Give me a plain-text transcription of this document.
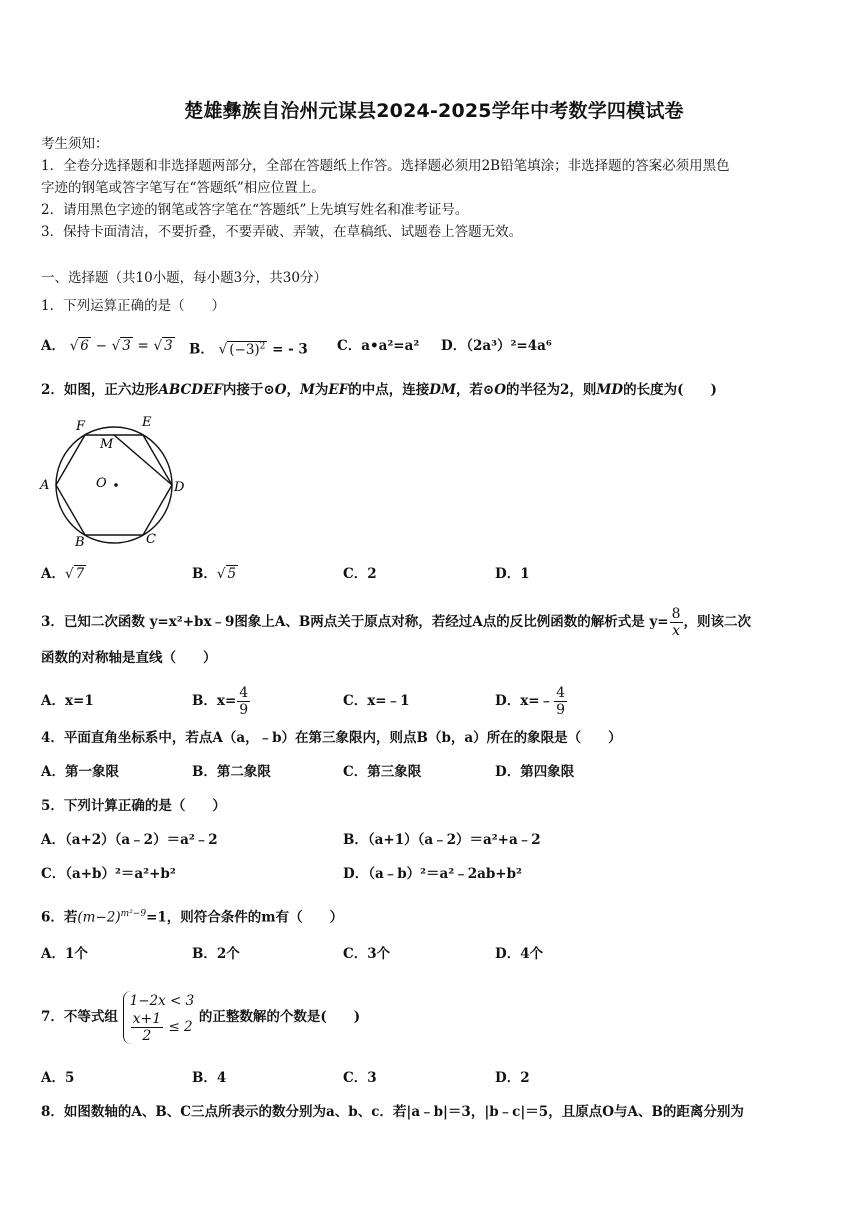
楚雄彝族自治州元谋县2024-2025学年中考数学四模试卷
考生须知：
1．全卷分选择题和非选择题两部分，全部在答题纸上作答。选择题必须用2B铅笔填涂；非选择题的答案必须用黑色
字迹的钢笔或答字笔写在“答题纸”相应位置上。
2．请用黑色字迹的钢笔或答字笔在“答题纸”上先填写姓名和准考证号。
3．保持卡面清洁，不要折叠，不要弄破、弄皱，在草稿纸、试题卷上答题无效。
一、选择题（共10小题，每小题3分，共30分）
1．下列运算正确的是（　　）
A． √ 6 − √ 3 = √ 3 B． √ $(-3)^2$ = - 3 C．a•a²=a² D．（2a³）²=4a⁶
2．如图，正六边形ABCDEF内接于⊙O，M为EF的中点，连接DM，若⊙O的半径为2，则MD的长度为(　　)
F	E
M
A	O	D
B	C
A．√ 7	B．√ 5	C．2	D．1
3．已知二次函数 y=x²+bx﹣9图象上A、B两点关于原点对称，若经过A点的反比例函数的解析式是 $y= \frac{8}{x}$ ，则该二次
函数的对称轴是直线（　　）
A．x=1	B．$x= \frac{4}{9}$	C．x=﹣1	D．x=﹣ $\frac{4}{9}$
4．平面直角坐标系中，若点A（a，﹣b）在第三象限内，则点B（b，a）所在的象限是（　　）
A．第一象限	B．第二象限	C．第三象限	D．第四象限
5．下列计算正确的是（　　）
A．（a+2）（a﹣2）＝a²﹣2	B．（a+1）（a﹣2）＝a²+a﹣2
C．（a+b）²＝a²+b²	D．（a﹣b）²＝a²﹣2ab+b²
6．若$(m-2)^{m^2-9}=1$，则符合条件的m有（　　）
A．1个	B．2个	C．3个	D．4个
7．不等式组
1−2x < 3
$\frac{x+1}{2} \le 2$
的正整数解的个数是(　　)
A．5	B．4	C．3	D．2
8．如图数轴的A、B、C三点所表示的数分别为a、b、c．若|a﹣b|＝3，|b﹣c|＝5，且原点O与A、B的距离分别为
